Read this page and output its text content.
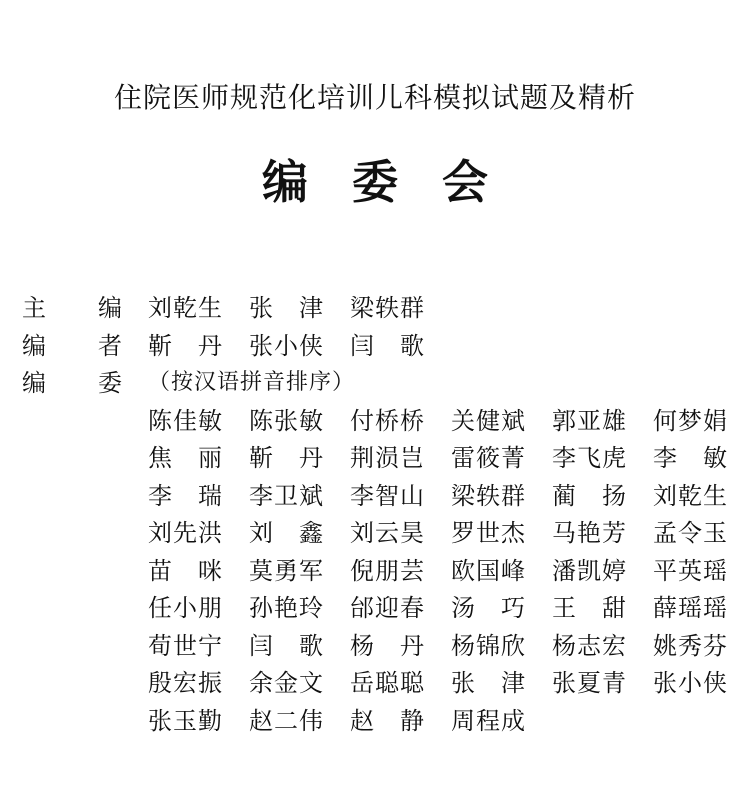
住院医师规范化培训儿科模拟试题及精析
编委会
主 编 刘乾生 张 津 梁轶群
编 者 靳 丹 张小侠 闫 歌
编 委 （按汉语拼音排序）
陈佳敏 陈张敏 付桥桥 关健斌 郭亚雄 何梦娟
焦 丽 靳 丹 荆涢岂 雷筱菁 李飞虎 李 敏
李 瑞 李卫斌 李智山 梁轶群 蔺 扬 刘乾生
刘先洪 刘 鑫 刘云昊 罗世杰 马艳芳 孟令玉
苗 咪 莫勇军 倪朋芸 欧国峰 潘凯婷 平英瑶
任小朋 孙艳玲 邰迎春 汤 巧 王 甜 薛瑶瑶
荀世宁 闫 歌 杨 丹 杨锦欣 杨志宏 姚秀芬
殷宏振 余金文 岳聪聪 张 津 张夏青 张小侠
张玉勤 赵二伟 赵 静 周程成
